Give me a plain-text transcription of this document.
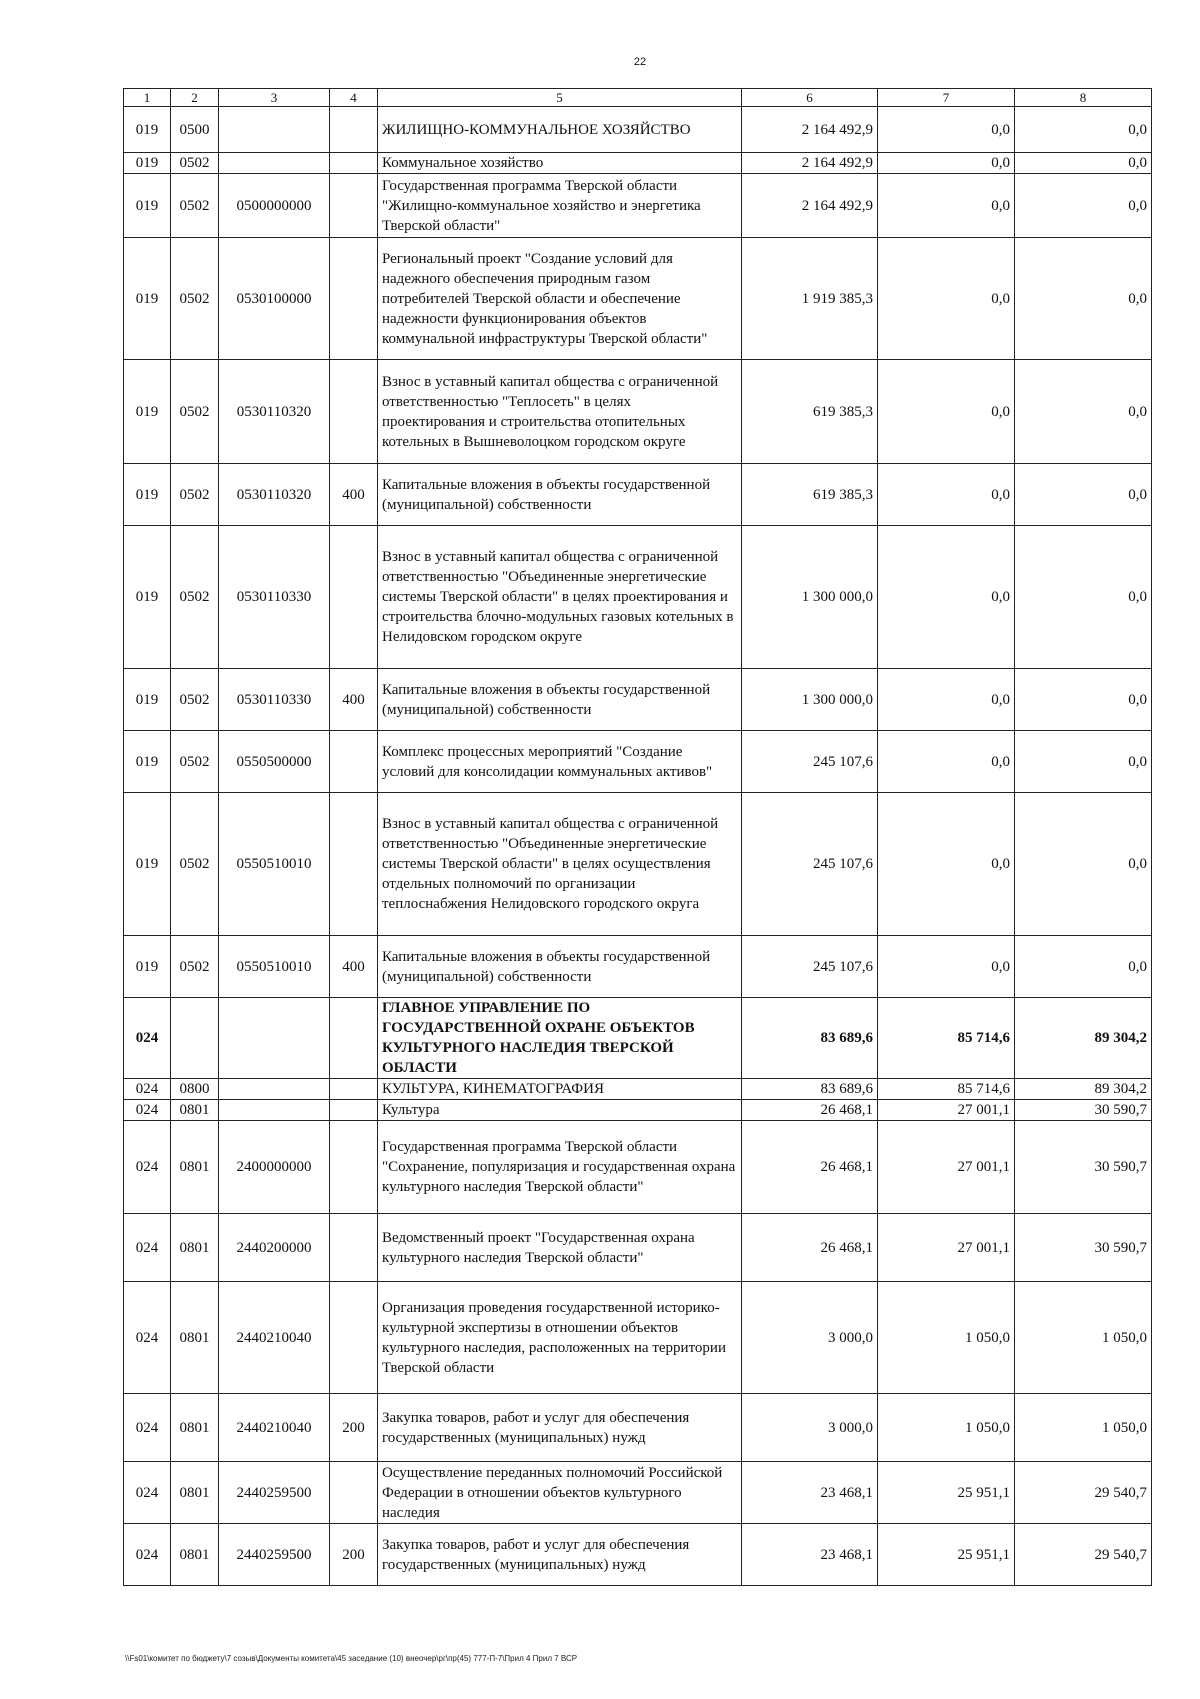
22
1	2	3	4	5	6	7	8
019	0500			ЖИЛИЩНО-КОММУНАЛЬНОЕ ХОЗЯЙСТВО	2 164 492,9	0,0	0,0
019	0502			Коммунальное хозяйство	2 164 492,9	0,0	0,0
019	0502	0500000000		Государственная программа Тверской области "Жилищно-коммунальное хозяйство и энергетика Тверской области"	2 164 492,9	0,0	0,0
019	0502	0530100000		Региональный проект "Создание условий для надежного обеспечения природным газом потребителей Тверской области и обеспечение надежности функционирования объектов коммунальной инфраструктуры Тверской области"	1 919 385,3	0,0	0,0
019	0502	0530110320		Взнос в уставный капитал общества с ограниченной ответственностью "Теплосеть" в целях проектирования и строительства отопительных котельных в Вышневолоцком городском округе	619 385,3	0,0	0,0
019	0502	0530110320	400	Капитальные вложения в объекты государственной (муниципальной) собственности	619 385,3	0,0	0,0
019	0502	0530110330		Взнос в уставный капитал общества с ограниченной ответственностью "Объединенные энергетические системы Тверской области" в целях проектирования и строительства блочно-модульных газовых котельных в Нелидовском городском округе	1 300 000,0	0,0	0,0
019	0502	0530110330	400	Капитальные вложения в объекты государственной (муниципальной) собственности	1 300 000,0	0,0	0,0
019	0502	0550500000		Комплекс процессных мероприятий "Создание условий для консолидации коммунальных активов"	245 107,6	0,0	0,0
019	0502	0550510010		Взнос в уставный капитал общества с ограниченной ответственностью "Объединенные энергетические системы Тверской области" в целях осуществления отдельных полномочий по организации теплоснабжения Нелидовского городского округа	245 107,6	0,0	0,0
019	0502	0550510010	400	Капитальные вложения в объекты государственной (муниципальной) собственности	245 107,6	0,0	0,0
024				ГЛАВНОЕ УПРАВЛЕНИЕ ПО ГОСУДАРСТВЕННОЙ ОХРАНЕ ОБЪЕКТОВ КУЛЬТУРНОГО НАСЛЕДИЯ ТВЕРСКОЙ ОБЛАСТИ	83 689,6	85 714,6	89 304,2
024	0800			КУЛЬТУРА, КИНЕМАТОГРАФИЯ	83 689,6	85 714,6	89 304,2
024	0801			Культура	26 468,1	27 001,1	30 590,7
024	0801	2400000000		Государственная программа Тверской области "Сохранение, популяризация и государственная охрана культурного наследия Тверской области"	26 468,1	27 001,1	30 590,7
024	0801	2440200000		Ведомственный проект "Государственная охрана культурного наследия Тверской области"	26 468,1	27 001,1	30 590,7
024	0801	2440210040		Организация проведения государственной историко-культурной экспертизы в отношении объектов культурного наследия, расположенных на территории Тверской области	3 000,0	1 050,0	1 050,0
024	0801	2440210040	200	Закупка товаров, работ и услуг для обеспечения государственных (муниципальных) нужд	3 000,0	1 050,0	1 050,0
024	0801	2440259500		Осуществление переданных полномочий Российской Федерации в отношении объектов культурного наследия	23 468,1	25 951,1	29 540,7
024	0801	2440259500	200	Закупка товаров, работ и услуг для обеспечения государственных (муниципальных) нужд	23 468,1	25 951,1	29 540,7
\\Fs01\комитет по бюджету\7 созыв\Документы комитета\45 заседание (10) внеочер\рг\пр(45) 777-П-7\Прил 4 Прил 7 ВСР
